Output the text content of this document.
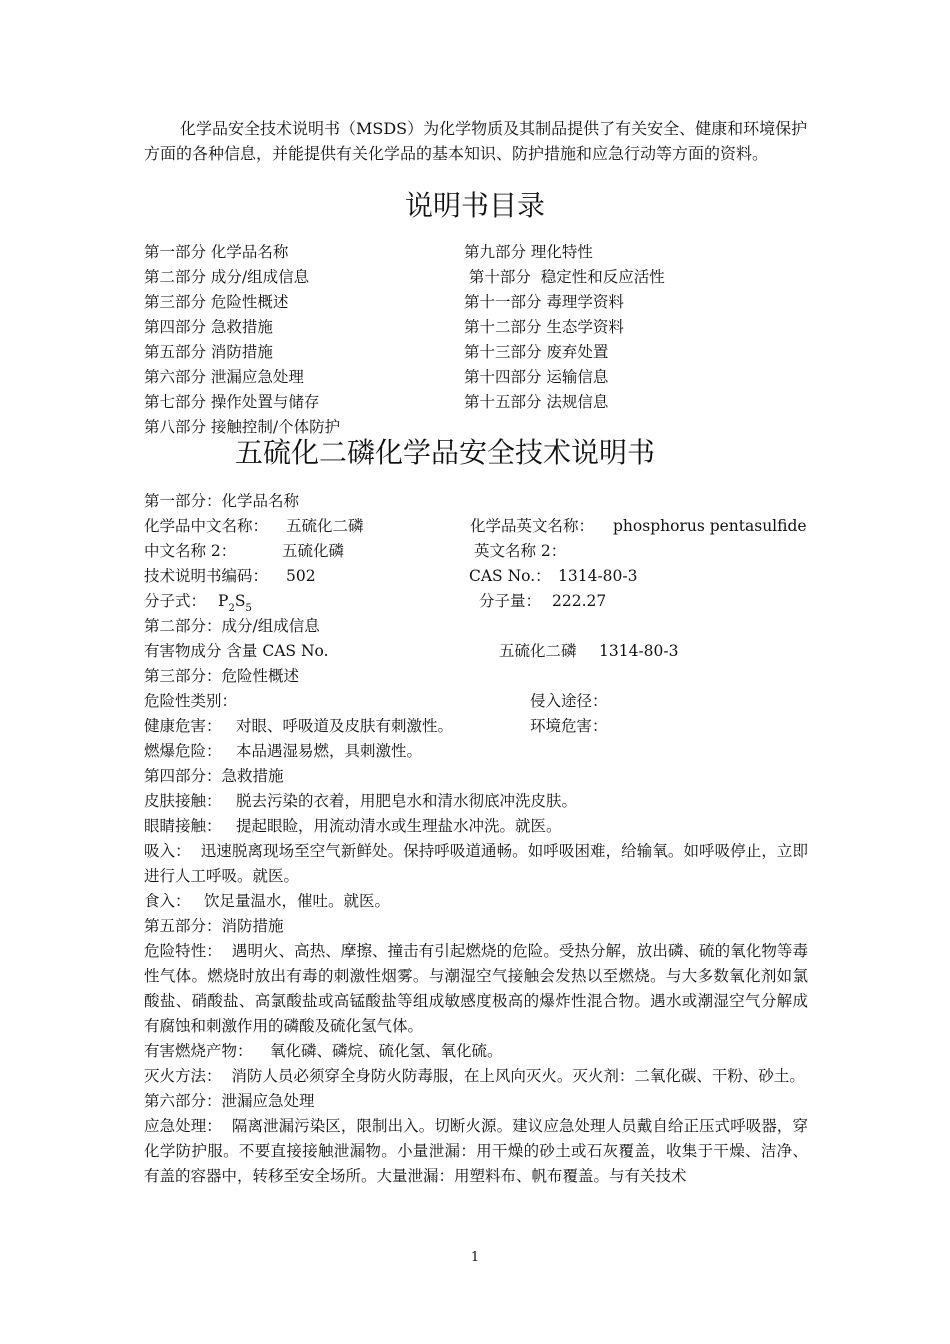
化学品安全技术说明书（MSDS）为化学物质及其制品提供了有关安全、健康和环境保护方面的各种信息，并能提供有关化学品的基本知识、防护措施和应急行动等方面的资料。

说明书目录
第一部分 化学品名称	第九部分 理化特性
第二部分 成分/组成信息	第十部分  稳定性和反应活性
第三部分 危险性概述	第十一部分 毒理学资料
第四部分 急救措施	第十二部分 生态学资料
第五部分 消防措施	第十三部分 废弃处置
第六部分 泄漏应急处理	第十四部分 运输信息
第七部分 操作处置与储存	第十五部分 法规信息
第八部分 接触控制/个体防护
五硫化二磷化学品安全技术说明书
第一部分：化学品名称
化学品中文名称： 五硫化二磷	化学品英文名称： phosphorus pentasulfide
中文名称 2：	五硫化磷	英文名称 2：
技术说明书编码： 502	CAS No.： 1314-80-3
分子式： $P_2S_5$	分子量： 222.27
第二部分：成分/组成信息
有害物成分 含量 CAS No.	五硫化二磷 1314-80-3
第三部分：危险性概述
危险性类别：	侵入途径：
健康危害： 对眼、呼吸道及皮肤有刺激性。	环境危害：
燃爆危险： 本品遇湿易燃，具刺激性。
第四部分：急救措施
皮肤接触： 脱去污染的衣着，用肥皂水和清水彻底冲洗皮肤。
眼睛接触： 提起眼睑，用流动清水或生理盐水冲洗。就医。
吸入： 迅速脱离现场至空气新鲜处。保持呼吸道通畅。如呼吸困难，给输氧。如呼吸停止，立即进行人工呼吸。就医。
食入： 饮足量温水，催吐。就医。
第五部分：消防措施
危险特性： 遇明火、高热、摩擦、撞击有引起燃烧的危险。受热分解，放出磷、硫的氧化物等毒性气体。燃烧时放出有毒的刺激性烟雾。与潮湿空气接触会发热以至燃烧。与大多数氧化剂如氯酸盐、硝酸盐、高氯酸盐或高锰酸盐等组成敏感度极高的爆炸性混合物。遇水或潮湿空气分解成有腐蚀和刺激作用的磷酸及硫化氢气体。
有害燃烧产物： 氧化磷、磷烷、硫化氢、氧化硫。
灭火方法： 消防人员必须穿全身防火防毒服，在上风向灭火。灭火剂：二氧化碳、干粉、砂土。
第六部分：泄漏应急处理
应急处理： 隔离泄漏污染区，限制出入。切断火源。建议应急处理人员戴自给正压式呼吸器，穿化学防护服。不要直接接触泄漏物。小量泄漏：用干燥的砂土或石灰覆盖，收集于干燥、洁净、有盖的容器中，转移至安全场所。大量泄漏：用塑料布、帆布覆盖。与有关技术
1
